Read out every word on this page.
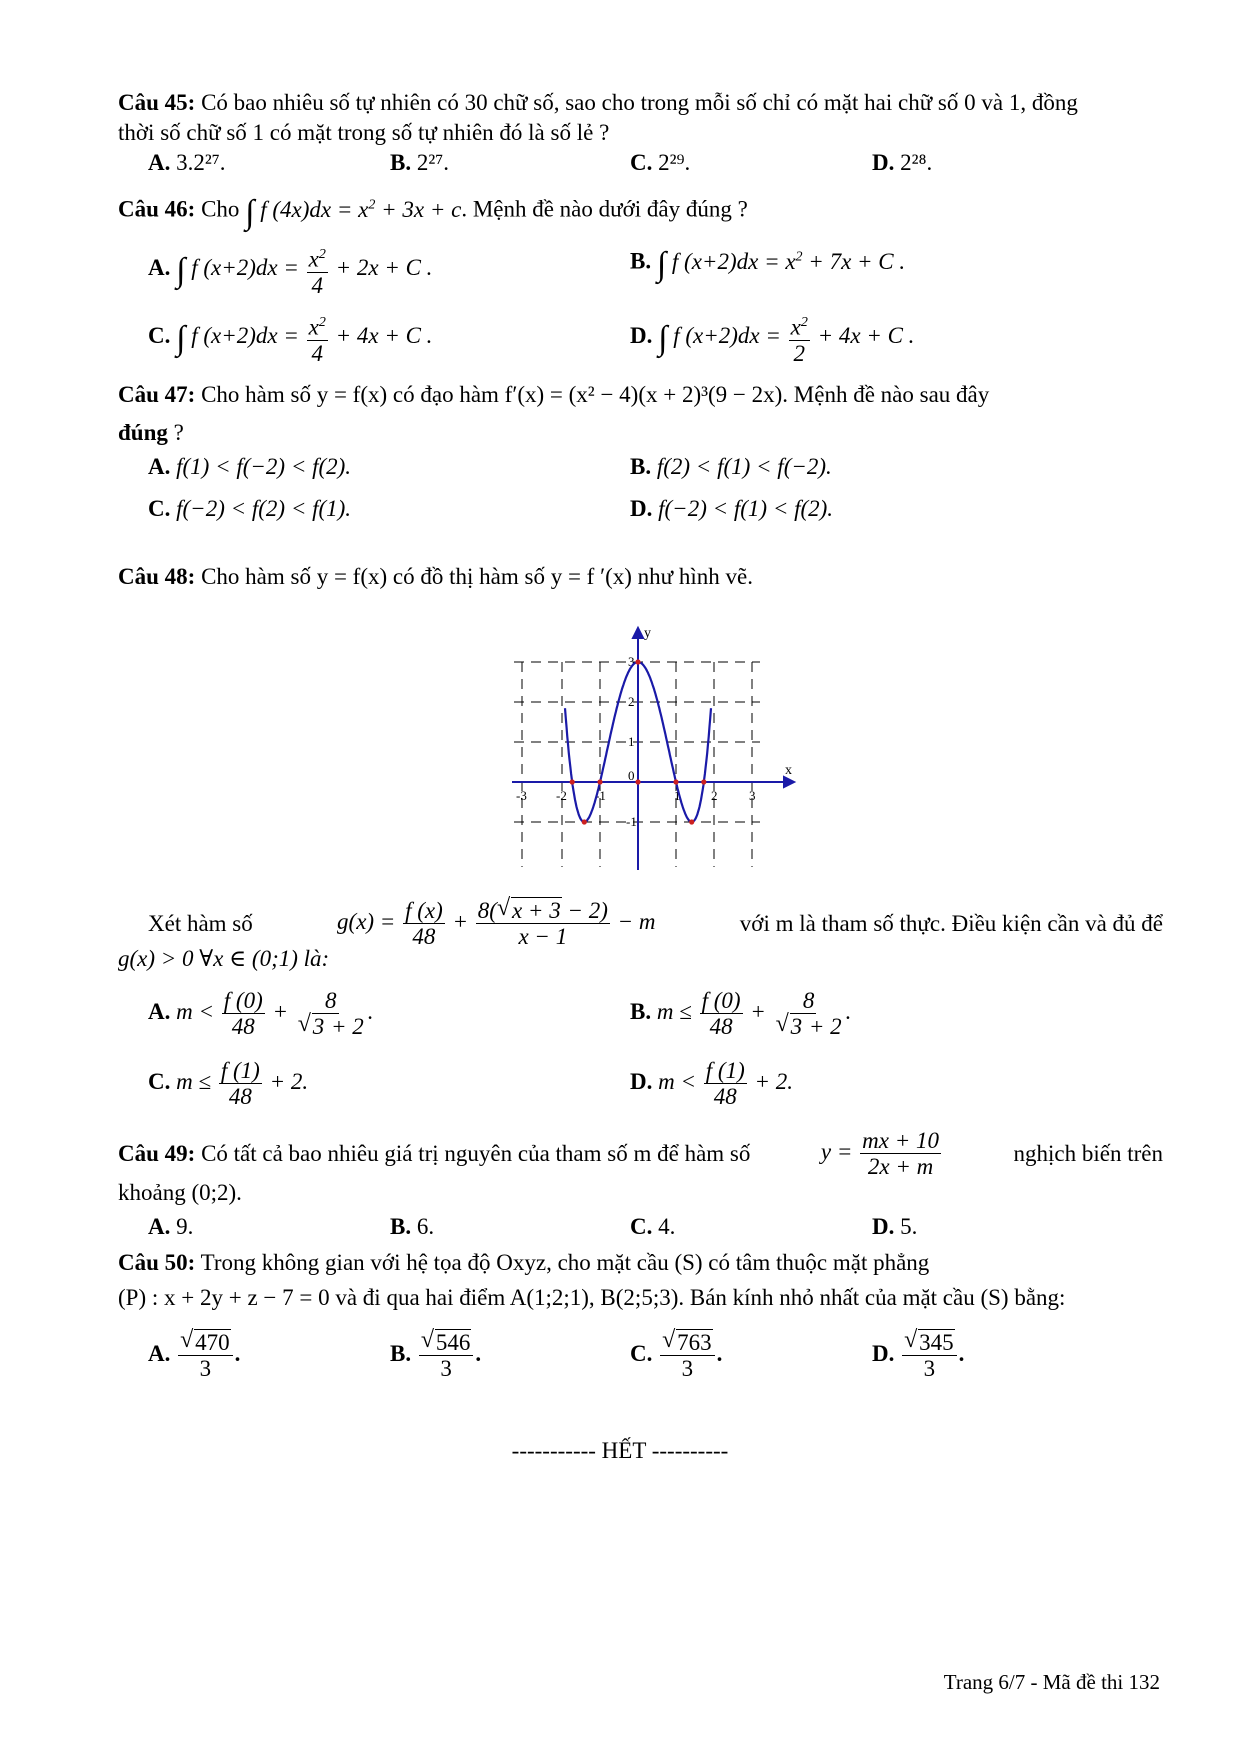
Câu 45: Có bao nhiêu số tự nhiên có 30 chữ số, sao cho trong mỗi số chỉ có mặt hai chữ số 0 và 1, đồng
thời số chữ số 1 có mặt trong số tự nhiên đó là số lẻ ?
A. 3.2²⁷.	B. 2²⁷.	C. 2²⁹.	D. 2²⁸.
Câu 46: Cho ∫ f $(4x)dx = x^2 + 3x + c$. Mệnh đề nào dưới đây đúng ?
A. ∫ f $(x+2)dx = \frac{x^2}{4} + 2x + C$ .	B. ∫ f $(x+2)dx = x^2 + 7x + C$ .
C. ∫ f $(x+2)dx = \frac{x^2}{4} + 4x + C$ .	D. ∫ f $(x+2)dx = \frac{x^2}{2} + 4x + C$ .
Câu 47: Cho hàm số y = f(x) có đạo hàm f′(x) = (x² − 4)(x + 2)³(9 − 2x). Mệnh đề nào sau đây
đúng ?
A. f(1) < f(−2) < f(2).	B. f(2) < f(1) < f(−2).
C. f(−2) < f(2) < f(1).	D. f(−2) < f(1) < f(2).
Câu 48: Cho hàm số y = f(x) có đồ thị hàm số y = f ′(x) như hình vẽ.
y
x
-3 -2 -1
0
1 2 3
-1
1
2
3
Xét hàm số	$g(x) = \frac{f (x)}{48} + \frac{8( √ x + 3 - 2)}{x - 1} - m$	với m là tham số thực. Điều kiện cần và đủ để
g(x) > 0 ∀x ∈ (0;1) là:
A. $m < \frac{f (0)}{48} + 8$
√ 3 + 2 .	B. $m \le \frac{f (0)}{48} + 8$
√ 3 + 2 .
C. $m \le \frac{f (1)}{48} + 2$.	D. $m < \frac{f (1)}{48} + 2$.
Câu 49: Có tất cả bao nhiêu giá trị nguyên của tham số m để hàm số	$y = \frac{mx + 10}{2x + m}$	nghịch biến trên
khoảng (0;2).
A. 9.	B. 6.	C. 4.	D. 5.
Câu 50: Trong không gian với hệ tọa độ Oxyz, cho mặt cầu (S) có tâm thuộc mặt phẳng
(P) : x + 2y + z − 7 = 0 và đi qua hai điểm A(1;2;1), B(2;5;3). Bán kính nhỏ nhất của mặt cầu (S) bằng:
A. √ $\frac{470}{3}$ .	B. √ $\frac{546}{3}$ .	C. √ $\frac{763}{3}$ .	D. √ $\frac{345}{3}$ .
----------- HẾT ----------
Trang 6/7 - Mã đề thi 132
